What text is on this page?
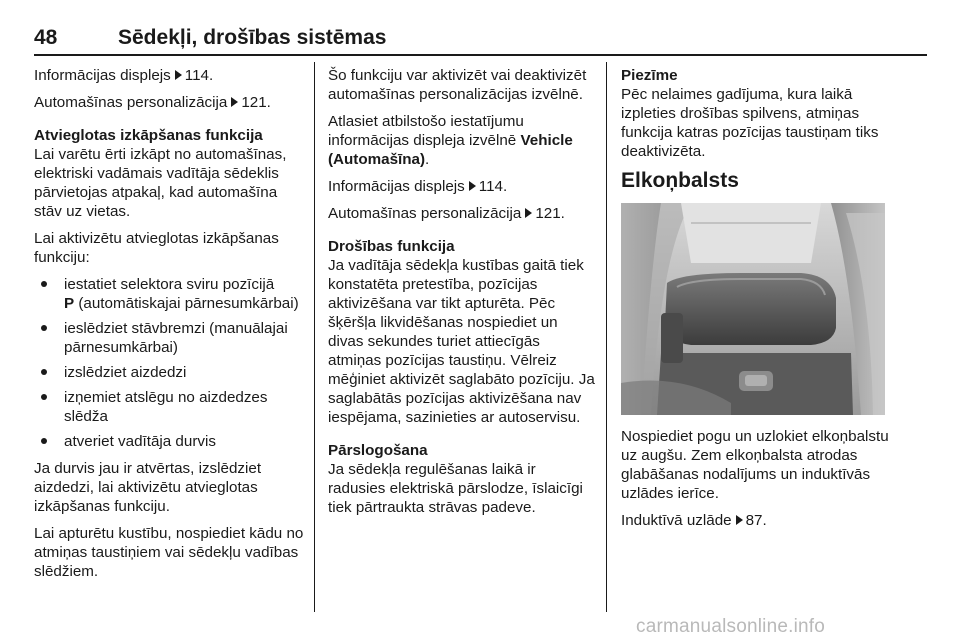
48	Sēdekļi, drošības sistēmas

Informācijas displejs 114.

Automašīnas personalizācija 121.

Atvieglotas izkāpšanas funkcija

Lai varētu ērti izkāpt no automašīnas, elektriski vadāmais vadītāja sēdeklis pārvietojas atpakaļ, kad automašīna stāv uz vietas.

Lai aktivizētu atvieglotas izkāpšanas funkciju:

iestatiet selektora sviru pozīcijā
P (automātiskajai pārnesumkārbai)
ieslēdziet stāvbremzi (manuālajai pārnesumkārbai)
izslēdziet aizdedzi
izņemiet atslēgu no aizdedzes slēdža
atveriet vadītāja durvis

Ja durvis jau ir atvērtas, izslēdziet aizdedzi, lai aktivizētu atvieglotas izkāpšanas funkciju.

Lai apturētu kustību, nospiediet kādu no atmiņas taustiņiem vai sēdekļu vadības slēdžiem.

Šo funkciju var aktivizēt vai deaktivizēt automašīnas personalizācijas izvēlnē.

Atlasiet atbilstošo iestatījumu informācijas displeja izvēlnē Vehicle (Automašīna).

Informācijas displejs 114.

Automašīnas personalizācija 121.

Drošības funkcija

Ja vadītāja sēdekļa kustības gaitā tiek konstatēta pretestība, pozīcijas aktivizēšana var tikt apturēta. Pēc šķēršļa likvidēšanas nospiediet un divas sekundes turiet attiecīgās atmiņas pozīcijas taustiņu. Vēlreiz mēģiniet aktivizēt saglabāto pozīciju. Ja saglabātās pozīcijas aktivizēšana nav iespējama, sazinieties ar autoservisu.

Pārslogošana

Ja sēdekļa regulēšanas laikā ir radusies elektriskā pārslodze, īslaicīgi tiek pārtraukta strāvas padeve.

Piezīme

Pēc nelaimes gadījuma, kura laikā izpleties drošības spilvens, atmiņas funkcija katras pozīcijas taustiņam tiks deaktivizēta.

Elkoņbalsts

Nospiediet pogu un uzlokiet elkoņbalstu uz augšu. Zem elkoņbalsta atrodas glabāšanas nodalījums un induktīvās uzlādes ierīce.

Induktīvā uzlāde 87.

carmanualsonline.info
